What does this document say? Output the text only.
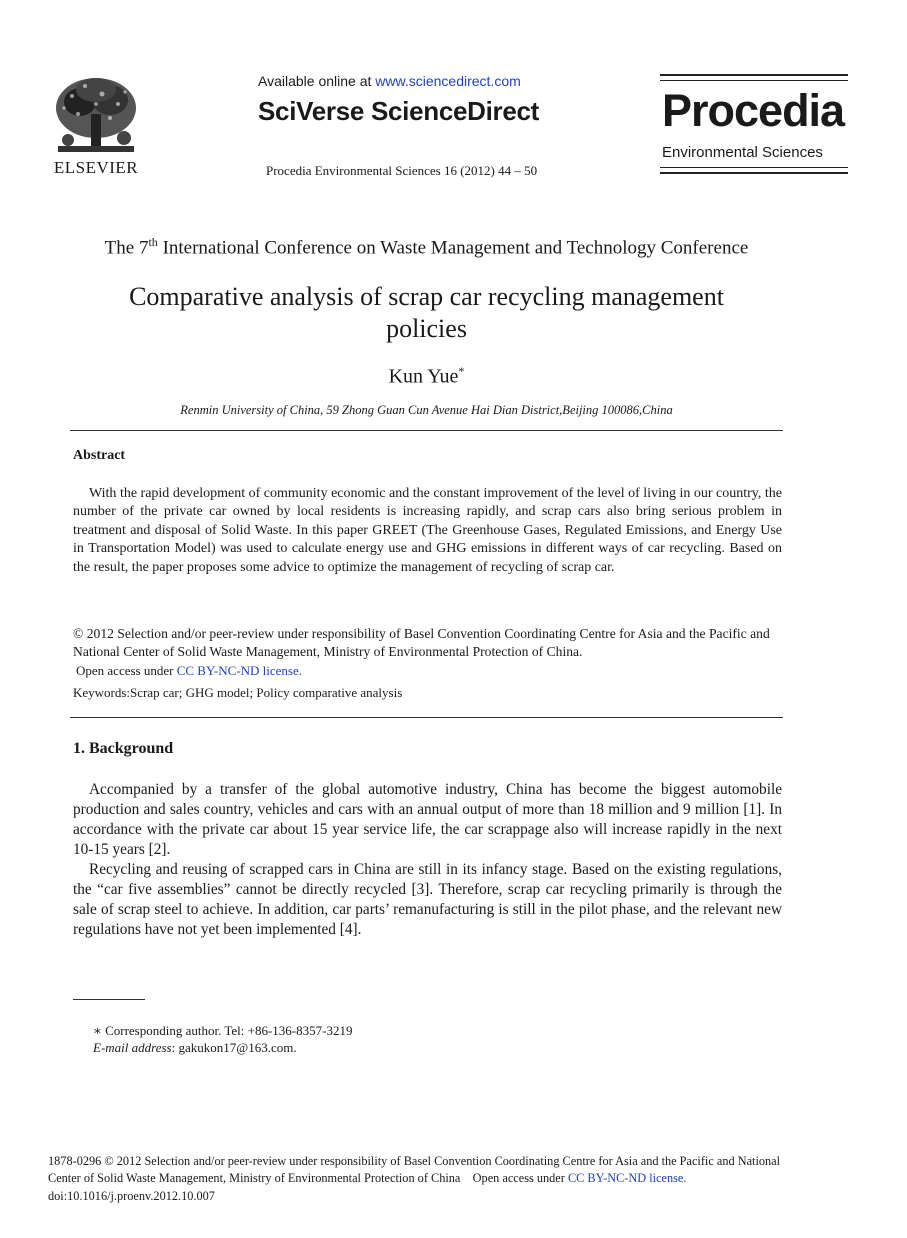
ELSEVIER
Available online at www.sciencedirect.com
SciVerse ScienceDirect
Procedia Environmental Sciences 16 (2012) 44 – 50
Procedia
Environmental Sciences
The 7th International Conference on Waste Management and Technology Conference
Comparative analysis of scrap car recycling management
policies
Kun Yue*
Renmin University of China, 59 Zhong Guan Cun Avenue Hai Dian District,Beijing 100086,China
Abstract
With the rapid development of community economic and the constant improvement of the level of living in our country, the number of the private car owned by local residents is increasing rapidly, and scrap cars also bring serious problem in treatment and disposal of Solid Waste. In this paper GREET (The Greenhouse Gases, Regulated Emissions, and Energy Use in Transportation Model) was used to calculate energy use and GHG emissions in different ways of car recycling. Based on the result, the paper proposes some advice to optimize the management of recycling of scrap car.
© 2012 Selection and/or peer-review under responsibility of Basel Convention Coordinating Centre for Asia and the Pacific and National Center of Solid Waste Management, Ministry of Environmental Protection of China.
Open access under CC BY-NC-ND license.
Keywords:Scrap car; GHG model; Policy comparative analysis
1. Background
Accompanied by a transfer of the global automotive industry, China has become the biggest automobile production and sales country, vehicles and cars with an annual output of more than 18 million and 9 million [1]. In accordance with the private car about 15 year service life, the car scrappage also will increase rapidly in the next 10-15 years [2].
Recycling and reusing of scrapped cars in China are still in its infancy stage. Based on the existing regulations, the “car five assemblies” cannot be directly recycled [3]. Therefore, scrap car recycling primarily is through the sale of scrap steel to achieve. In addition, car parts’ remanufacturing is still in the pilot phase, and the relevant new regulations have not yet been implemented [4].
∗ Corresponding author. Tel: +86-136-8357-3219
E-mail address: gakukon17@163.com.
1878-0296 © 2012 Selection and/or peer-review under responsibility of Basel Convention Coordinating Centre for Asia and the Pacific and National
Center of Solid Waste Management, Ministry of Environmental Protection of China Open access under CC BY-NC-ND license.
doi:10.1016/j.proenv.2012.10.007
